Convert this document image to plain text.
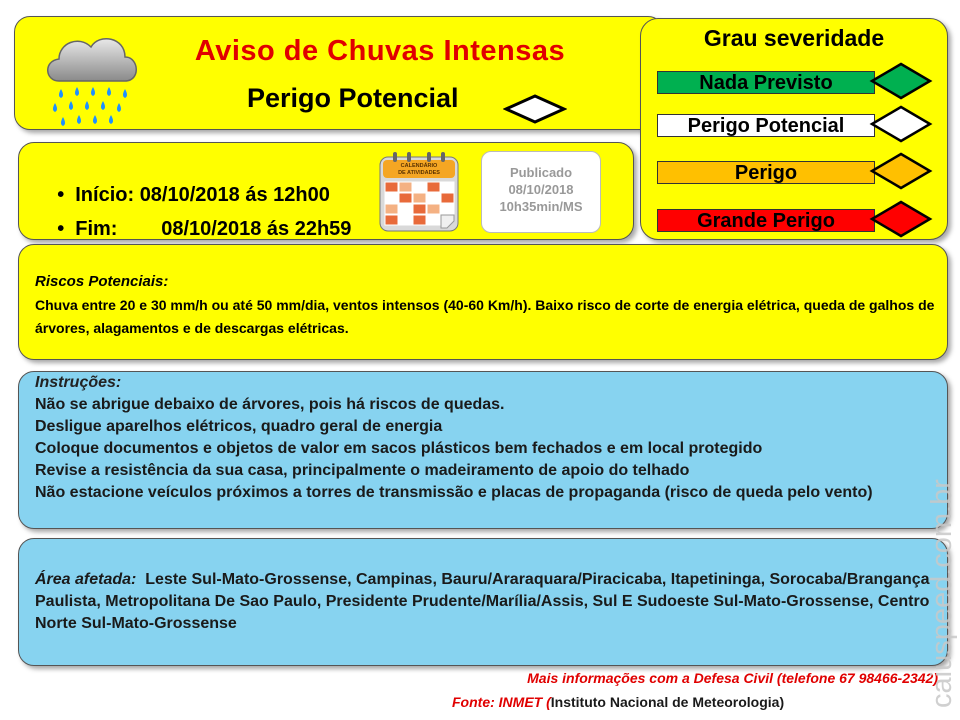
Aviso de Chuvas Intensas
Perigo Potencial
Grau severidade
Nada Previsto
Perigo Potencial
Perigo
Grande Perigo

• Início: 08/10/2018 ás 12h00

• Fim: 08/10/2018 ás 22h59

CALENDÁRIO
DE ATIVIDADES	Publicado
08/10/2018
10h35min/MS
Riscos Potenciais:
Chuva entre 20 e 30 mm/h ou até 50 mm/dia, ventos intensos (40-60 Km/h). Baixo risco de corte de energia elétrica, queda de galhos de árvores, alagamentos e de descargas elétricas.
Instruções:
Não se abrigue debaixo de árvores, pois há riscos de quedas.
Desligue aparelhos elétricos, quadro geral de energia
Coloque documentos e objetos de valor em sacos plásticos bem fechados e em local protegido
Revise a resistência da sua casa, principalmente o madeiramento de apoio do telhado
Não estacione veículos próximos a torres de transmissão e placas de propaganda (risco de queda pelo vento)
Área afetada: Leste Sul-Mato-Grossense, Campinas, Bauru/Araraquara/Piracicaba, Itapetininga, Sorocaba/Brangança Paulista, Metropolitana De Sao Paulo, Presidente Prudente/Marília/Assis, Sul E Sudoeste Sul-Mato-Grossense, Centro Norte Sul-Mato-Grossense
Mais informações com a Defesa Civil (telefone 67 98466-2342)
Fonte: INMET (Instituto Nacional de Meteorologia)	caiuspeed.com.br
